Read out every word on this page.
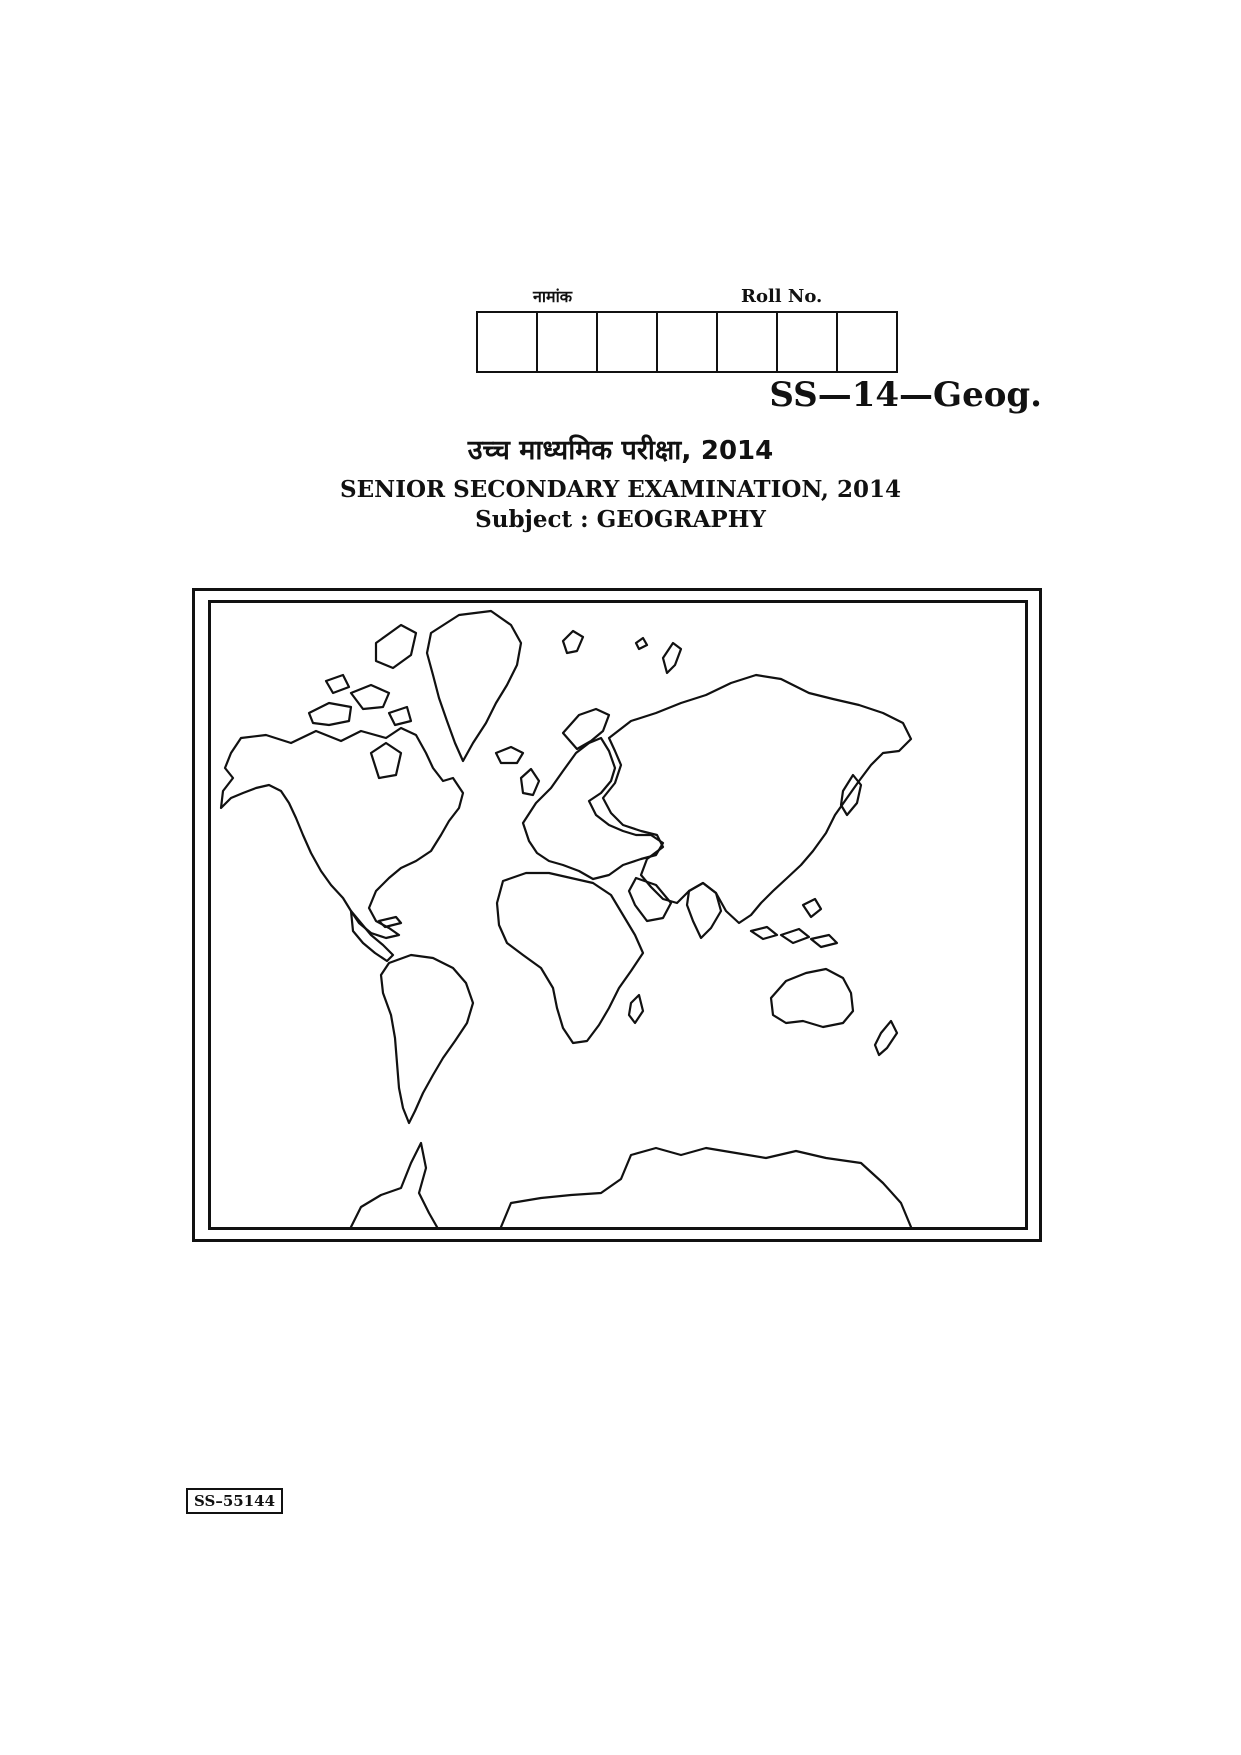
नामांक	Roll No.
SS—14—Geog.
उच्च माध्यमिक परीक्षा, 2014
SENIOR SECONDARY EXAMINATION, 2014
Subject : GEOGRAPHY
SS–55144
